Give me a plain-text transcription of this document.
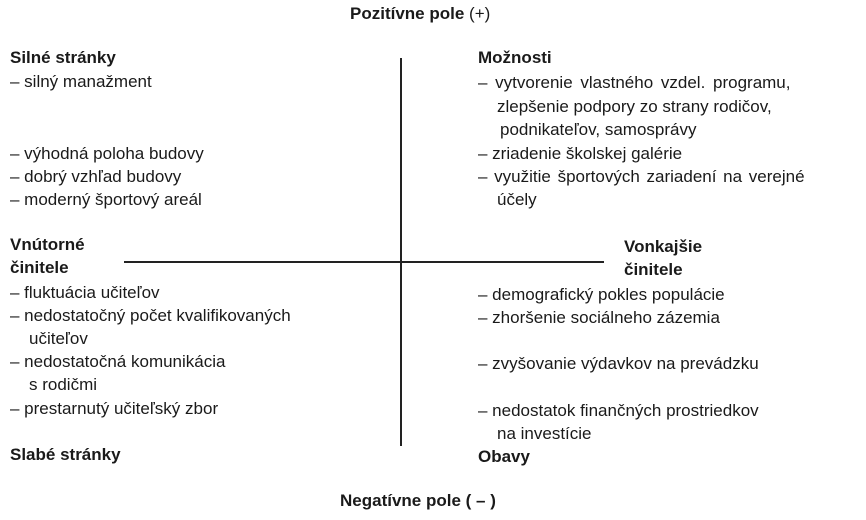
Pozitívne pole (+)
Silné stránky
– silný manažment
– výhodná poloha budovy
– dobrý vzhľad budovy
– moderný športový areál
Možnosti
– vytvorenie vlastného vzdel. programu,
zlepšenie podpory zo strany rodičov,
podnikateľov, samosprávy
– zriadenie školskej galérie
– využitie športových zariadení na verejné
účely
Vnútorné
činitele
Vonkajšie
činitele
– fluktuácia učiteľov
– nedostatočný počet kvalifikovaných
učiteľov
– nedostatočná komunikácia
s rodičmi
– prestarnutý učiteľský zbor
Slabé stránky
– demografický pokles populácie
– zhoršenie sociálneho zázemia
– zvyšovanie výdavkov na prevádzku
– nedostatok finančných prostriedkov
na investície
Obavy
Negatívne pole ( – )
